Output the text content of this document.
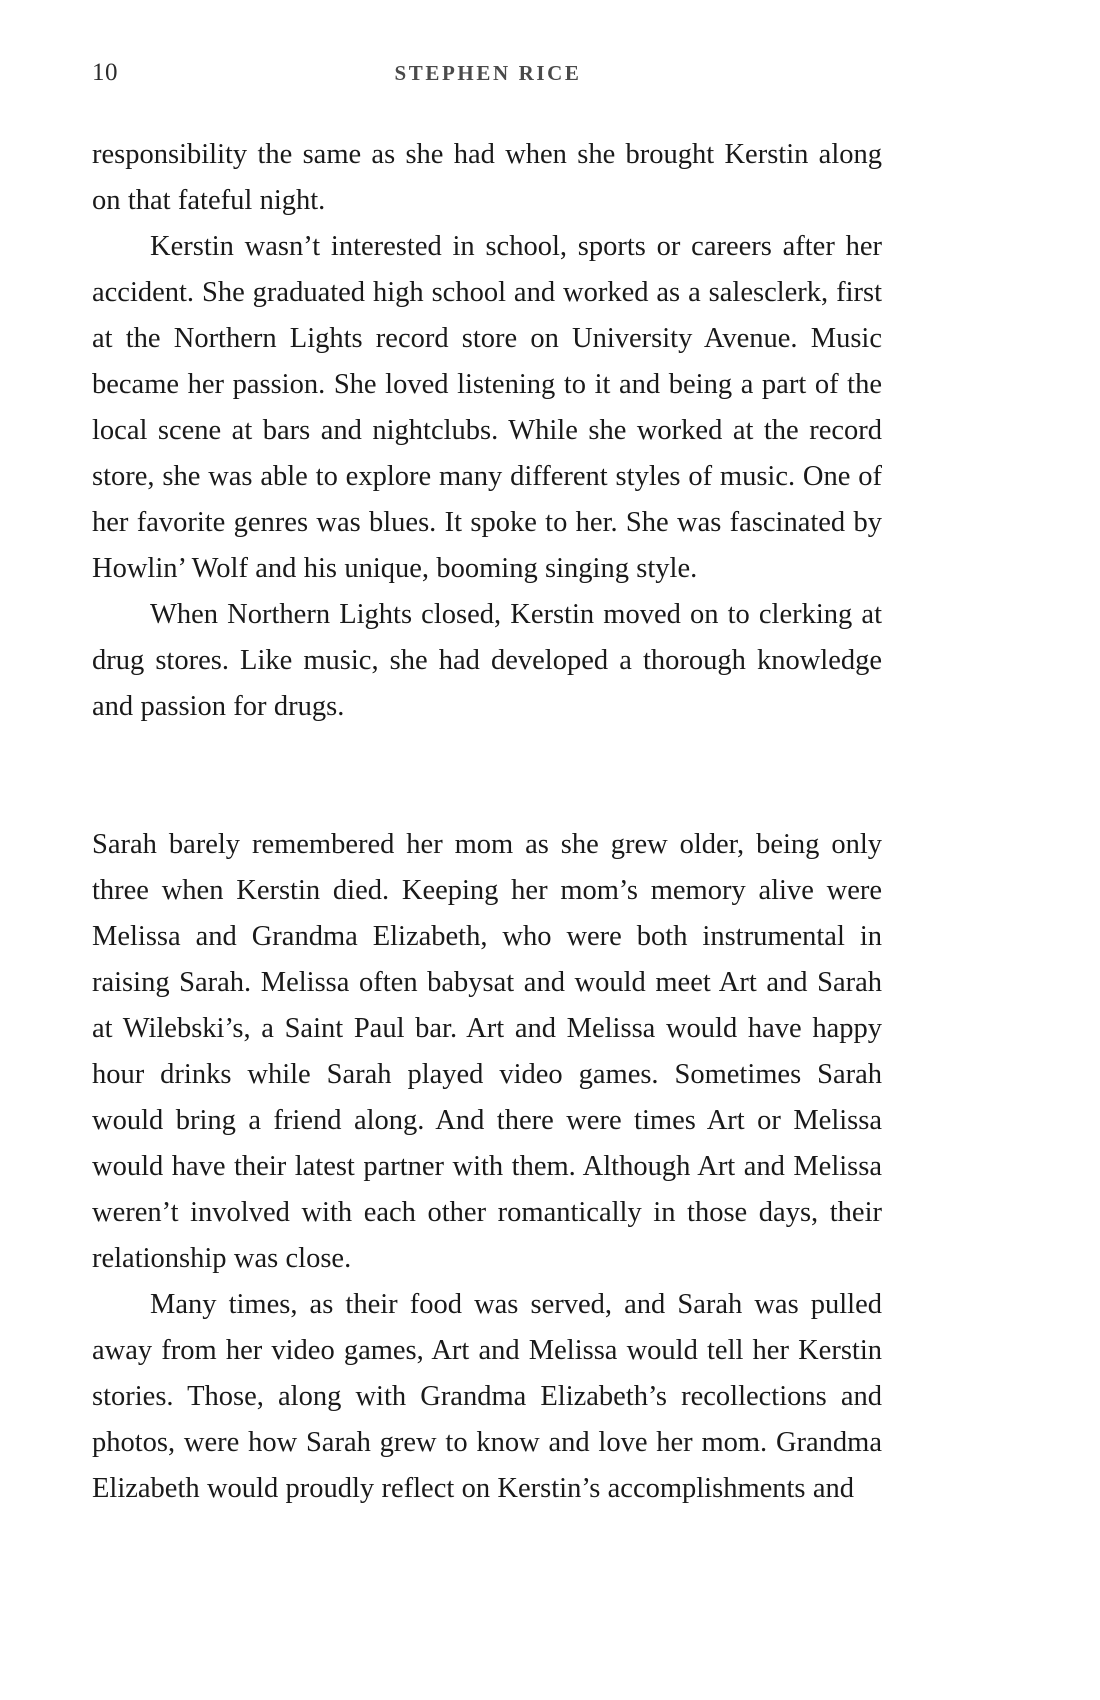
10	STEPHEN RICE

responsibility the same as she had when she brought Kerstin along on that fateful night.

Kerstin wasn’t interested in school, sports or careers after her accident. She graduated high school and worked as a salesclerk, first at the Northern Lights record store on University Avenue. Music became her passion. She loved listening to it and being a part of the local scene at bars and nightclubs. While she worked at the record store, she was able to explore many different styles of music. One of her favorite genres was blues. It spoke to her. She was fascinated by Howlin’ Wolf and his unique, booming singing style.

When Northern Lights closed, Kerstin moved on to clerking at drug stores. Like music, she had developed a thorough knowledge and passion for drugs.

Sarah barely remembered her mom as she grew older, being only three when Kerstin died. Keeping her mom’s memory alive were Melissa and Grandma Elizabeth, who were both instrumental in raising Sarah. Melissa often babysat and would meet Art and Sarah at Wilebski’s, a Saint Paul bar. Art and Melissa would have happy hour drinks while Sarah played video games. Sometimes Sarah would bring a friend along. And there were times Art or Melissa would have their latest partner with them. Although Art and Melissa weren’t involved with each other romantically in those days, their relationship was close.

Many times, as their food was served, and Sarah was pulled away from her video games, Art and Melissa would tell her Kerstin stories. Those, along with Grandma Elizabeth’s recollections and photos, were how Sarah grew to know and love her mom. Grandma Elizabeth would proudly reflect on Kerstin’s accomplishments and
